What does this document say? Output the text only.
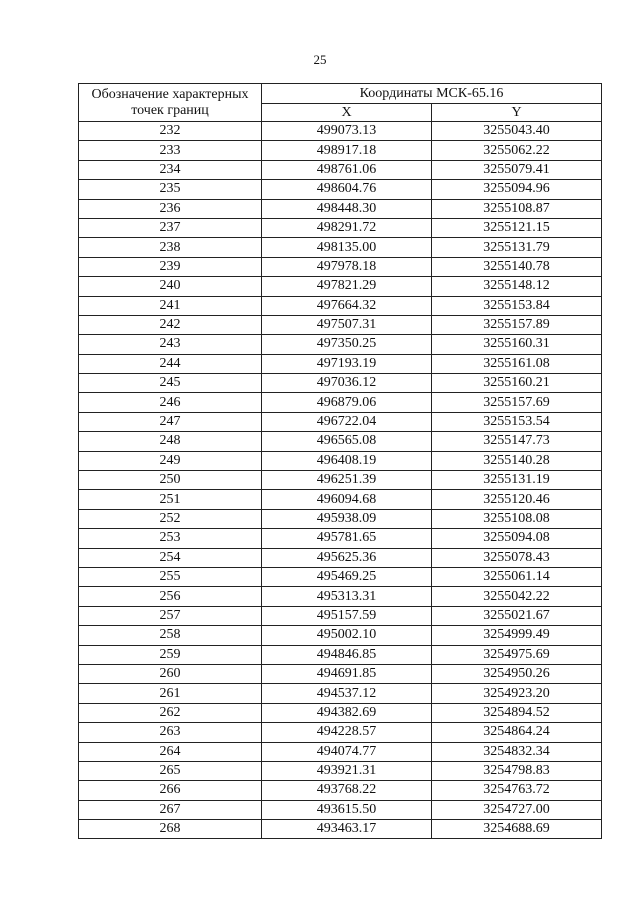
25
Обозначение характерных точек границ	Координаты МСК-65.16	
	X	Y
232	499073.13	3255043.40
233	498917.18	3255062.22
234	498761.06	3255079.41
235	498604.76	3255094.96
236	498448.30	3255108.87
237	498291.72	3255121.15
238	498135.00	3255131.79
239	497978.18	3255140.78
240	497821.29	3255148.12
241	497664.32	3255153.84
242	497507.31	3255157.89
243	497350.25	3255160.31
244	497193.19	3255161.08
245	497036.12	3255160.21
246	496879.06	3255157.69
247	496722.04	3255153.54
248	496565.08	3255147.73
249	496408.19	3255140.28
250	496251.39	3255131.19
251	496094.68	3255120.46
252	495938.09	3255108.08
253	495781.65	3255094.08
254	495625.36	3255078.43
255	495469.25	3255061.14
256	495313.31	3255042.22
257	495157.59	3255021.67
258	495002.10	3254999.49
259	494846.85	3254975.69
260	494691.85	3254950.26
261	494537.12	3254923.20
262	494382.69	3254894.52
263	494228.57	3254864.24
264	494074.77	3254832.34
265	493921.31	3254798.83
266	493768.22	3254763.72
267	493615.50	3254727.00
268	493463.17	3254688.69
